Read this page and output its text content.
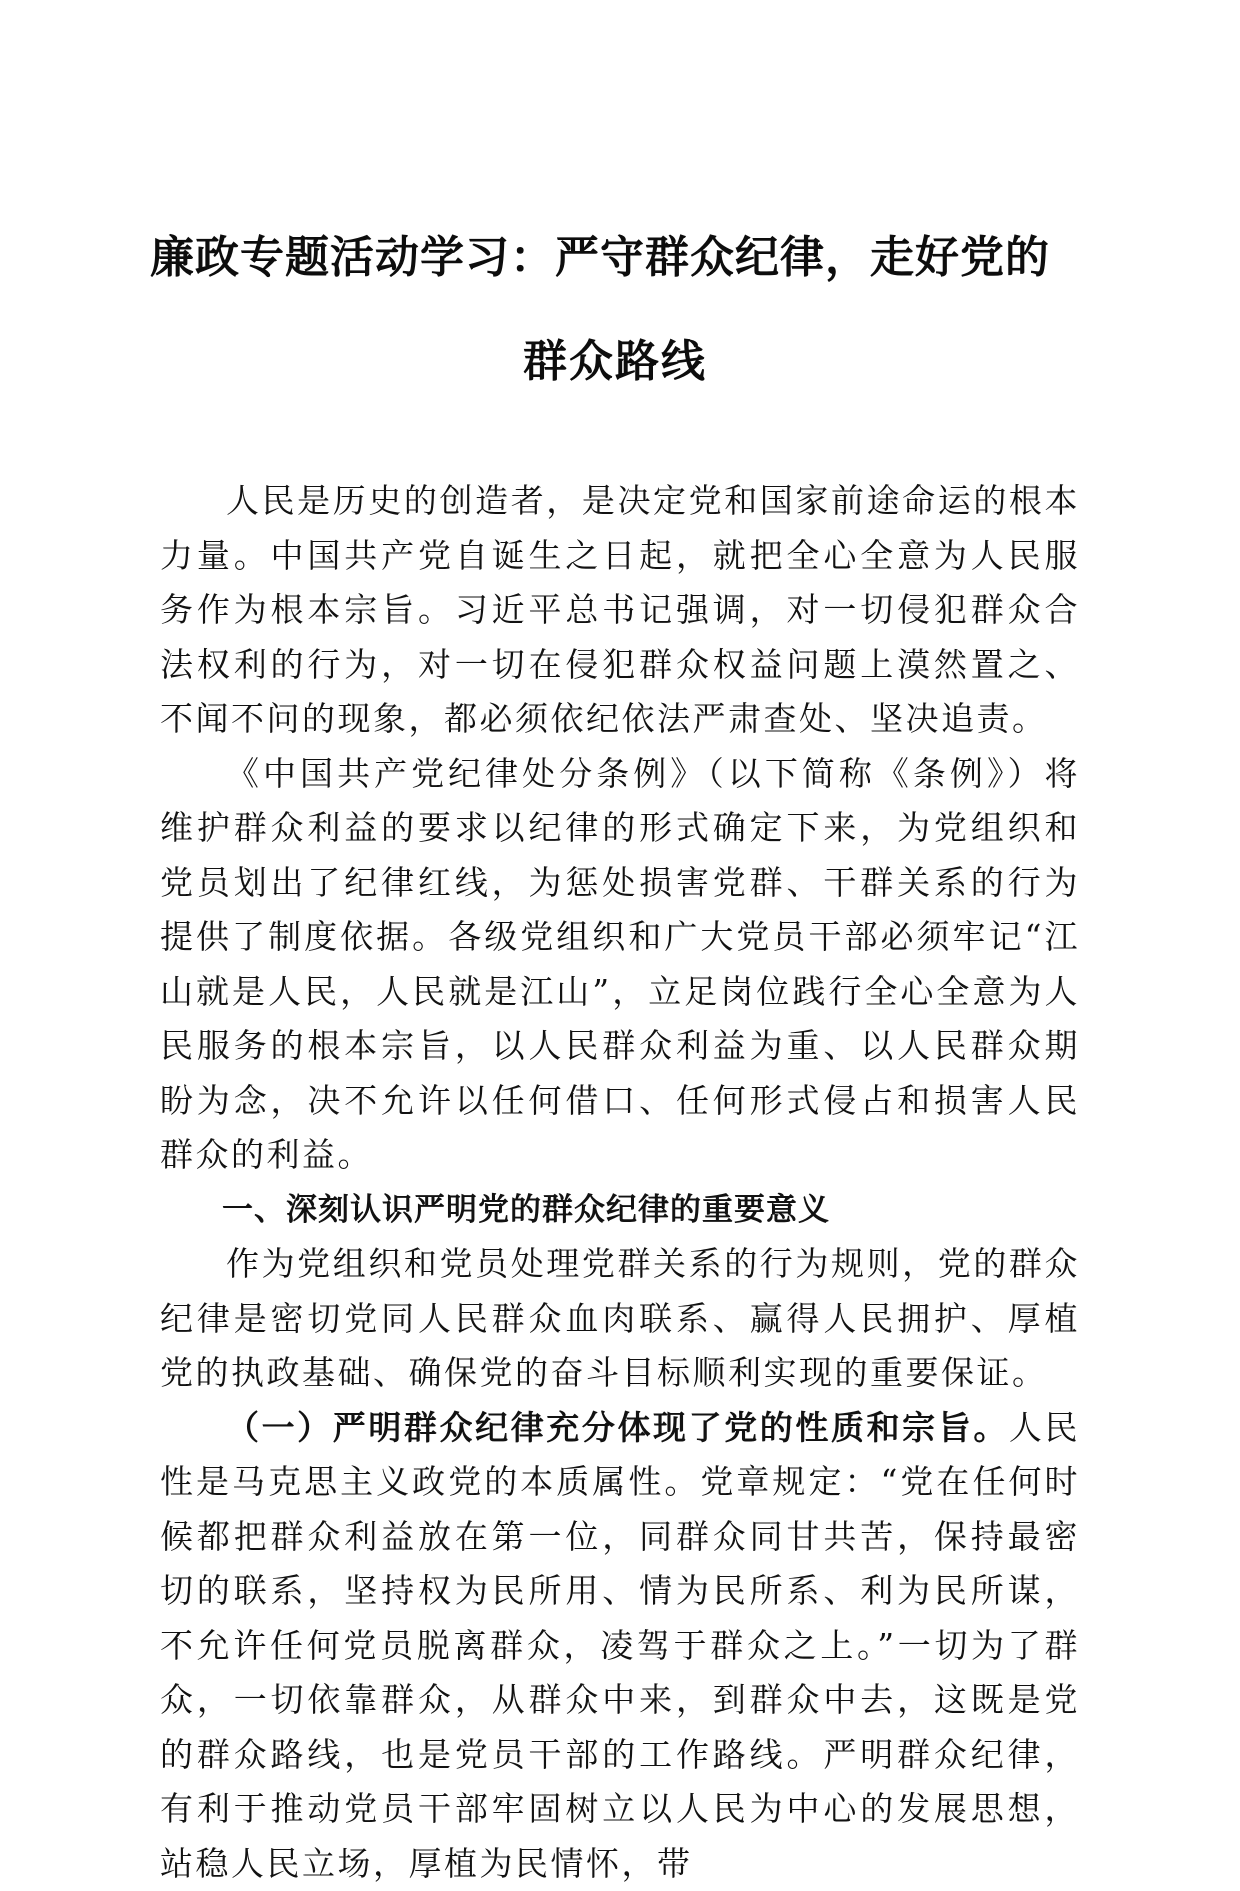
廉政专题活动学习：严守群众纪律，走好党的
群众路线

人民是历史的创造者，是决定党和国家前途命运的根本力量。中国共产党自诞生之日起，就把全心全意为人民服务作为根本宗旨。习近平总书记强调，对一切侵犯群众合法权利的行为，对一切在侵犯群众权益问题上漠然置之、不闻不问的现象，都必须依纪依法严肃查处、坚决追责。

《中国共产党纪律处分条例》（以下简称《条例》）将维护群众利益的要求以纪律的形式确定下来，为党组织和党员划出了纪律红线，为惩处损害党群、干群关系的行为提供了制度依据。各级党组织和广大党员干部必须牢记“江山就是人民，人民就是江山”，立足岗位践行全心全意为人民服务的根本宗旨，以人民群众利益为重、以人民群众期盼为念，决不允许以任何借口、任何形式侵占和损害人民群众的利益。

一、深刻认识严明党的群众纪律的重要意义

作为党组织和党员处理党群关系的行为规则，党的群众纪律是密切党同人民群众血肉联系、赢得人民拥护、厚植党的执政基础、确保党的奋斗目标顺利实现的重要保证。

（一）严明群众纪律充分体现了党的性质和宗旨。人民性是马克思主义政党的本质属性。党章规定：“党在任何时候都把群众利益放在第一位，同群众同甘共苦，保持最密切的联系，坚持权为民所用、情为民所系、利为民所谋，不允许任何党员脱离群众，凌驾于群众之上。”一切为了群众，一切依靠群众，从群众中来，到群众中去，这既是党的群众路线，也是党员干部的工作路线。严明群众纪律，有利于推动党员干部牢固树立以人民为中心的发展思想，站稳人民立场，厚植为民情怀，带
